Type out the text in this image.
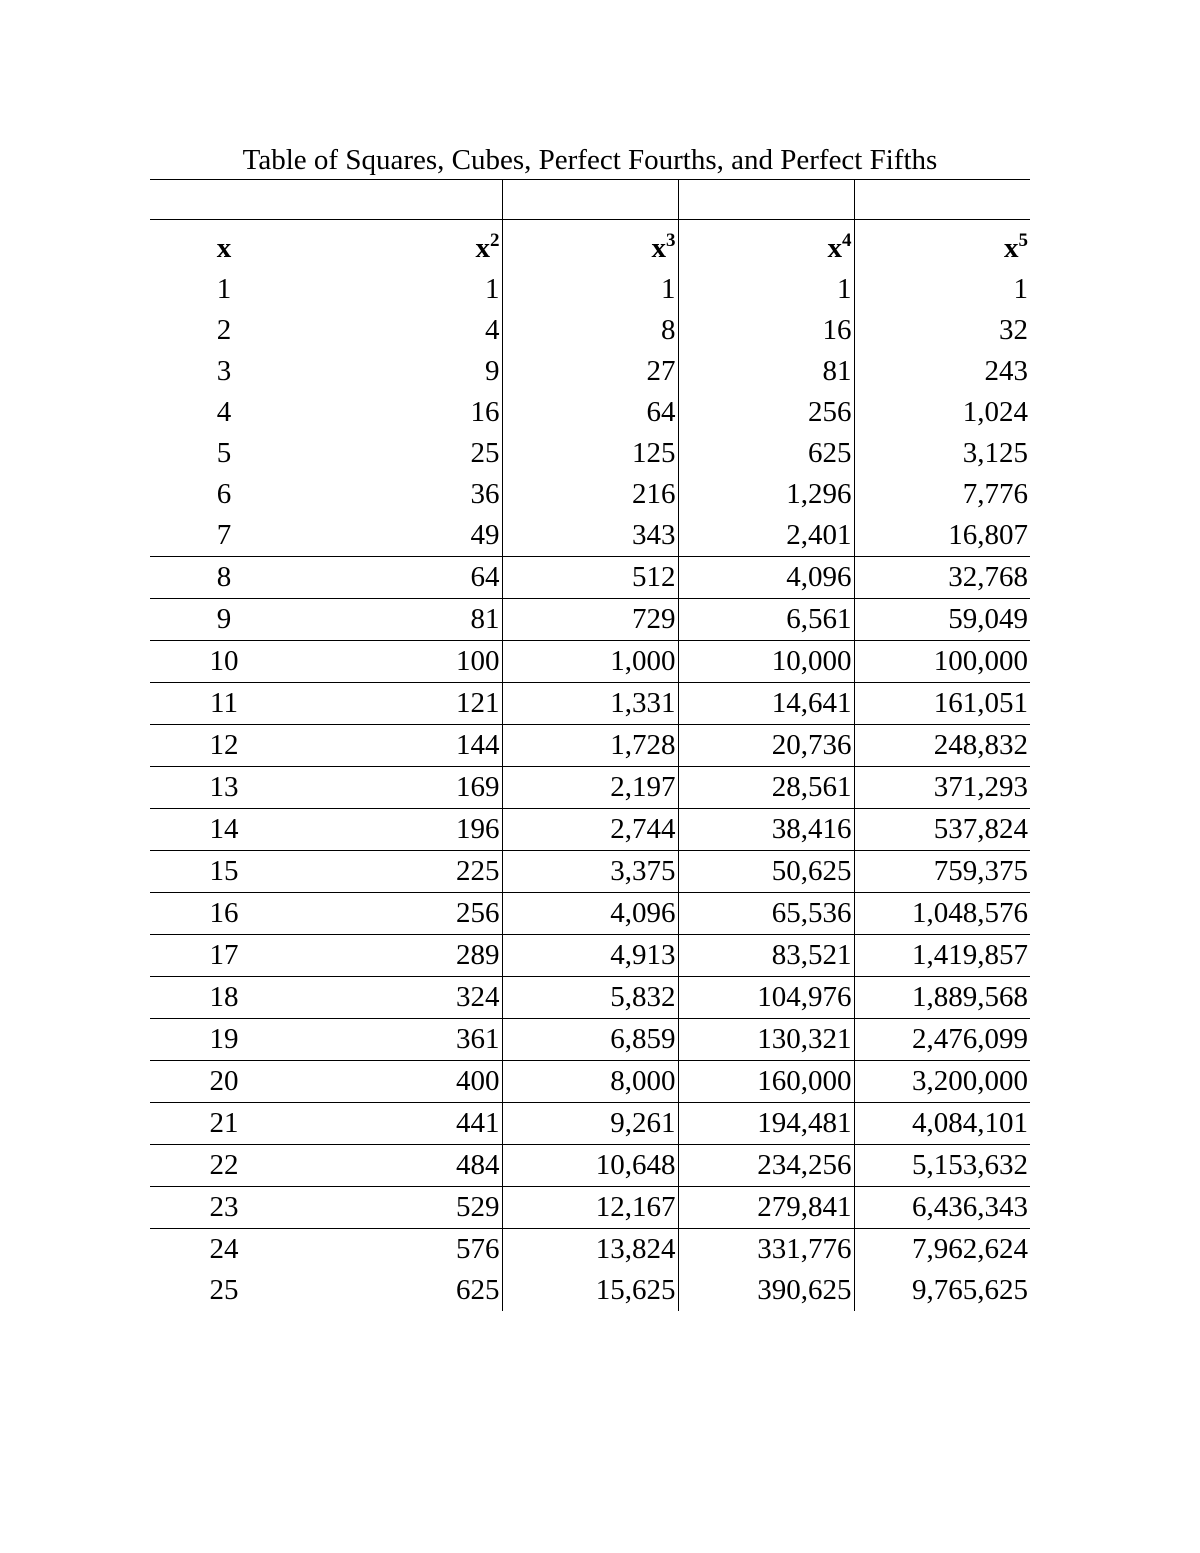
Table of Squares, Cubes, Perfect Fourths, and Perfect Fifths

x	$x^2$	$x^3$	$x^4$	$x^5$
1	1	1	1	1
2	4	8	16	32
3	9	27	81	243
4	16	64	256	1,024
5	25	125	625	3,125
6	36	216	1,296	7,776
7	49	343	2,401	16,807
8	64	512	4,096	32,768
9	81	729	6,561	59,049
10	100	1,000	10,000	100,000
11	121	1,331	14,641	161,051
12	144	1,728	20,736	248,832
13	169	2,197	28,561	371,293
14	196	2,744	38,416	537,824
15	225	3,375	50,625	759,375
16	256	4,096	65,536	1,048,576
17	289	4,913	83,521	1,419,857
18	324	5,832	104,976	1,889,568
19	361	6,859	130,321	2,476,099
20	400	8,000	160,000	3,200,000
21	441	9,261	194,481	4,084,101
22	484	10,648	234,256	5,153,632
23	529	12,167	279,841	6,436,343
24	576	13,824	331,776	7,962,624
25	625	15,625	390,625	9,765,625
